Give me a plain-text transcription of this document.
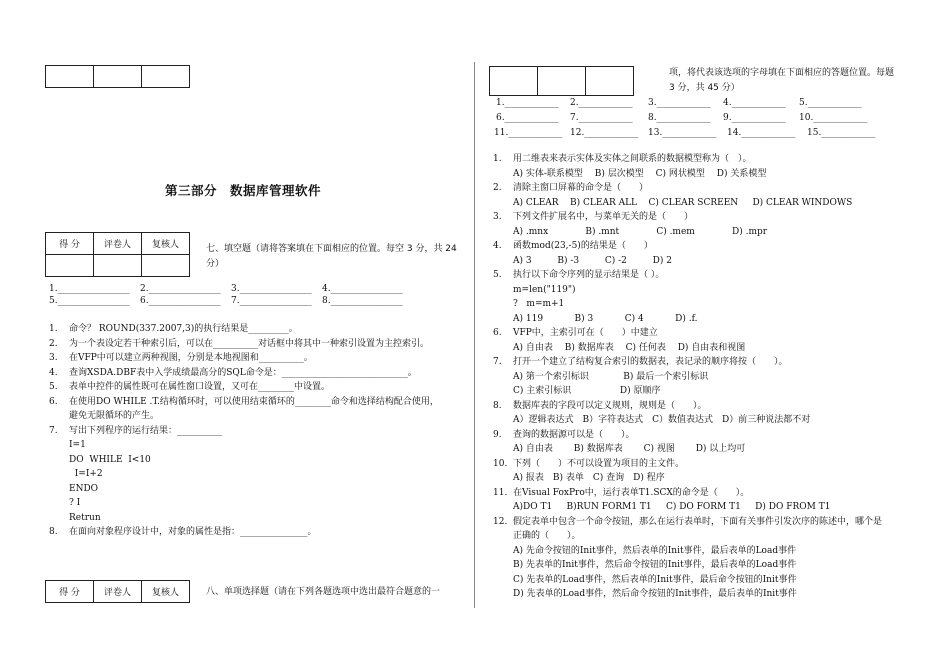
项，将代表该选项的字母填在下面相应的答题位置。每题
3 分，共 45 分）
第三部分　数据库管理软件
得 分	评卷人	复核人
			七、填空题（请将答案填在下面相应的位置。每空 3 分，共 24 分）
1.________________ 2.________________ 3.________________ 4.________________
5.________________ 6.________________ 7.________________ 8.________________
1. 命令？ ROUND(337.2007,3)的执行结果是_________。
2. 为一个表设定若干种索引后，可以在__________对话框中将其中一种索引设置为主控索引。
3. 在VFP中可以建立两种视图，分别是本地视图和__________。
4. 查询XSDA.DBF表中入学成绩最高分的SQL命令是：____________________________。
5. 表单中控件的属性既可在属性窗口设置，又可在________中设置。
6. 在使用DO WHILE .T.结构循环时，可以使用结束循环的________命令和选择结构配合使用，
避免无限循环的产生。
7. 写出下列程序的运行结果：__________
I=1
DO  WHILE  I<10
I=I+2
ENDO
? I
Retrun
8. 在面向对象程序设计中，对象的属性是指：_______________。
得 分	评卷人	复核人	八、单项选择题（请在下列各题选项中选出最符合题意的一
1.____________ 2.____________ 3.____________ 4.____________ 5.____________
6.____________ 7.____________ 8.____________ 9.____________ 10.____________
11.____________ 12.____________ 13.____________ 14.____________ 15.____________
1. 用二维表来表示实体及实体之间联系的数据模型称为（　）。
A) 实体-联系模型　 B) 层次模型　 C) 网状模型　 D) 关系模型
2. 清除主窗口屏幕的命令是（　　）
A) CLEAR    B) CLEAR ALL    C) CLEAR SCREEN     D) CLEAR WINDOWS
3. 下列文件扩展名中，与菜单无关的是（　　）
A) .mnx             B) .mnt             C) .mem             D) .mpr
4. 函数mod(23,-5)的结果是（　　）
A) 3         B) -3         C) -2         D) 2
5. 执行以下命令序列的显示结果是（ ）。
m=len("119")
?   m=m+1
A) 119           B) 3           C) 4           D) .f.
6. VFP中，主索引可在（　　）中建立
A) 自由表　 B) 数据库表　 C) 任何表　 D) 自由表和视图
7. 打开一个建立了结构复合索引的数据表，表记录的顺序将按（　　）。
A) 第一个索引标识            B) 最后一个索引标识
C) 主索引标识                 D) 原顺序
8. 数据库表的字段可以定义规则，规则是（　　）。
A）逻辑表达式　B）字符表达式　C）数值表达式　D）前三种说法都不对
9. 查询的数据源可以是（　　）。
A) 自由表　　 B) 数据库表　　 C) 视图　　 D) 以上均可
10. 下列（　　）不可以设置为项目的主文件。
A) 报表　B) 表单　C) 查询　D) 程序
11. 在Visual FoxPro中，运行表单T1.SCX的命令是（　　）。
A)DO T1     B)RUN FORM1 T1     C) DO FORM T1     D) DO FROM T1
12. 假定表单中包含一个命令按钮，那么在运行表单时，下面有关事件引发次序的陈述中，哪个是
正确的（　　）。
A) 先命令按钮的Init事件，然后表单的Init事件，最后表单的Load事件
B) 先表单的Init事件，然后命令按钮的Init事件，最后表单的Load事件
C) 先表单的Load事件，然后表单的Init事件，最后命令按钮的Init事件
D) 先表单的Load事件，然后命令按钮的Init事件，最后表单的Init事件
